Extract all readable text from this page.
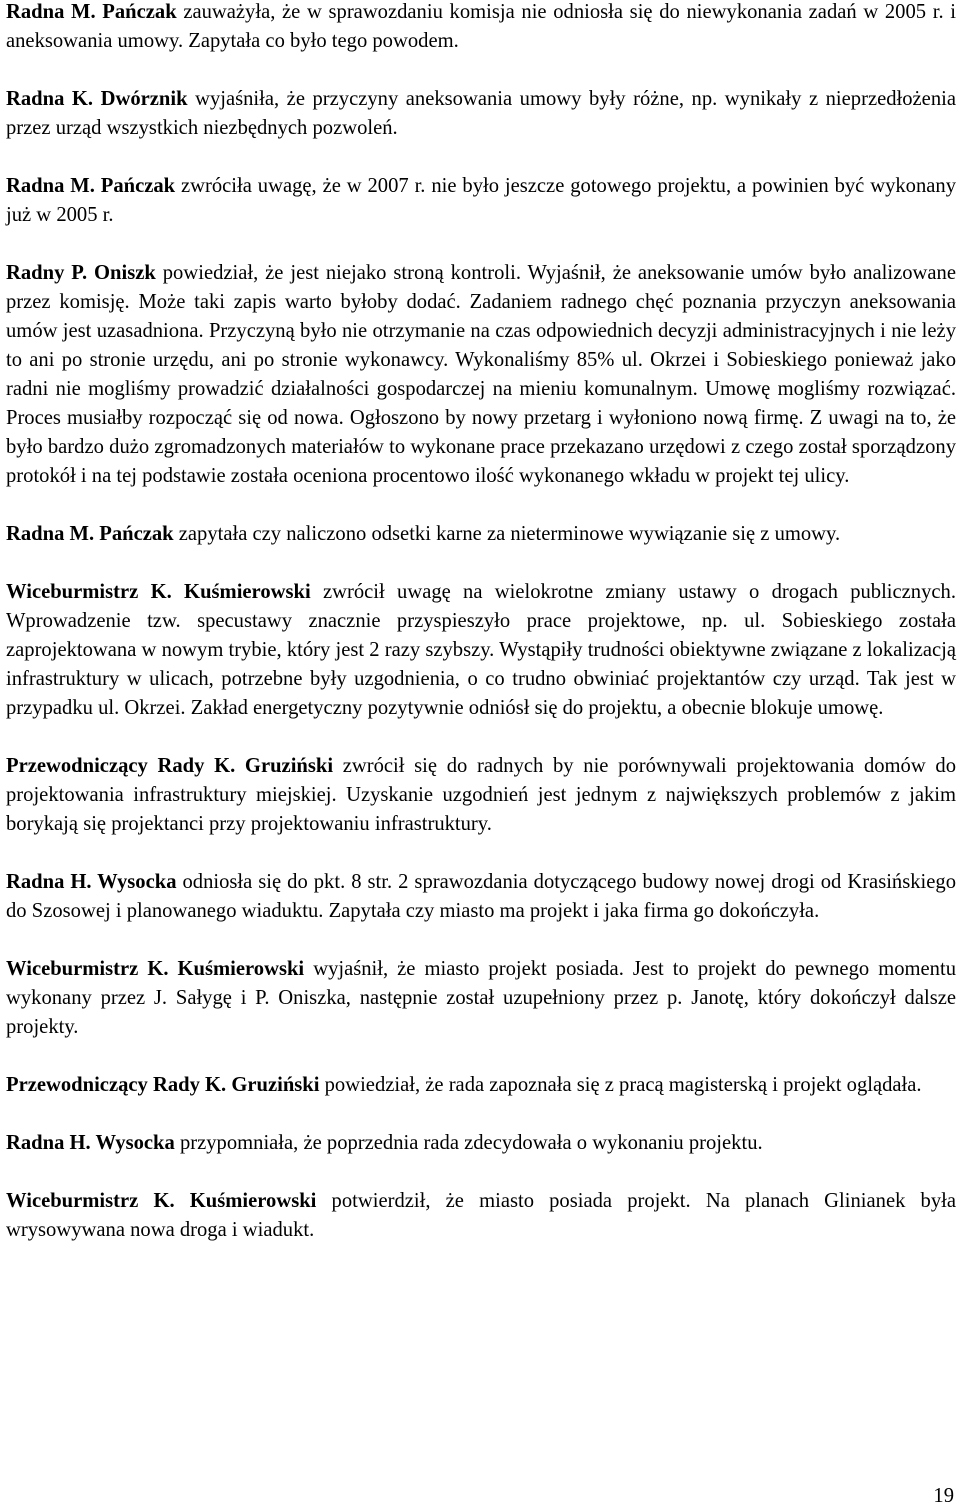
Radna M. Pańczak zauważyła, że w sprawozdaniu komisja nie odniosła się do niewykonania zadań w 2005 r. i aneksowania umowy. Zapytała co było tego powodem.

Radna K. Dwórznik wyjaśniła, że przyczyny aneksowania umowy były różne, np. wynikały z nieprzedłożenia przez urząd wszystkich niezbędnych pozwoleń.

Radna M. Pańczak zwróciła uwagę, że w 2007 r. nie było jeszcze gotowego projektu, a powinien być wykonany już w 2005 r.

Radny P. Oniszk powiedział, że jest niejako stroną kontroli. Wyjaśnił, że aneksowanie umów było analizowane przez komisję. Może taki zapis warto byłoby dodać. Zadaniem radnego chęć poznania przyczyn aneksowania umów jest uzasadniona. Przyczyną było nie otrzymanie na czas odpowiednich decyzji administracyjnych i nie leży to ani po stronie urzędu, ani po stronie wykonawcy. Wykonaliśmy 85% ul. Okrzei i Sobieskiego ponieważ jako radni nie mogliśmy prowadzić działalności gospodarczej na mieniu komunalnym. Umowę mogliśmy rozwiązać. Proces musiałby rozpocząć się od nowa. Ogłoszono by nowy przetarg i wyłoniono nową firmę. Z uwagi na to, że było bardzo dużo zgromadzonych materiałów to wykonane prace przekazano urzędowi z czego został sporządzony protokół i na tej podstawie została oceniona procentowo ilość wykonanego wkładu w projekt tej ulicy.

Radna M. Pańczak zapytała czy naliczono odsetki karne za nieterminowe wywiązanie się z umowy.

Wiceburmistrz K. Kuśmierowski zwrócił uwagę na wielokrotne zmiany ustawy o drogach publicznych. Wprowadzenie tzw. specustawy znacznie przyspieszyło prace projektowe, np. ul. Sobieskiego została zaprojektowana w nowym trybie, który jest 2 razy szybszy. Wystąpiły trudności obiektywne związane z lokalizacją infrastruktury w ulicach, potrzebne były uzgodnienia, o co trudno obwiniać projektantów czy urząd. Tak jest w przypadku ul. Okrzei. Zakład energetyczny pozytywnie odniósł się do projektu, a obecnie blokuje umowę.

Przewodniczący Rady K. Gruziński zwrócił się do radnych by nie porównywali projektowania domów do projektowania infrastruktury miejskiej. Uzyskanie uzgodnień jest jednym z największych problemów z jakim borykają się projektanci przy projektowaniu infrastruktury.

Radna H. Wysocka odniosła się do pkt. 8 str. 2 sprawozdania dotyczącego budowy nowej drogi od Krasińskiego do Szosowej i planowanego wiaduktu. Zapytała czy miasto ma projekt i jaka firma go dokończyła.

Wiceburmistrz K. Kuśmierowski wyjaśnił, że miasto projekt posiada. Jest to projekt do pewnego momentu wykonany przez J. Sałygę i P. Oniszka, następnie został uzupełniony przez p. Janotę, który dokończył dalsze projekty.

Przewodniczący Rady K. Gruziński powiedział, że rada zapoznała się z pracą magisterską i projekt oglądała.

Radna H. Wysocka przypomniała, że poprzednia rada zdecydowała o wykonaniu projektu.

Wiceburmistrz K. Kuśmierowski potwierdził, że miasto posiada projekt. Na planach Glinianek była wrysowywana nowa droga i wiadukt.

19
